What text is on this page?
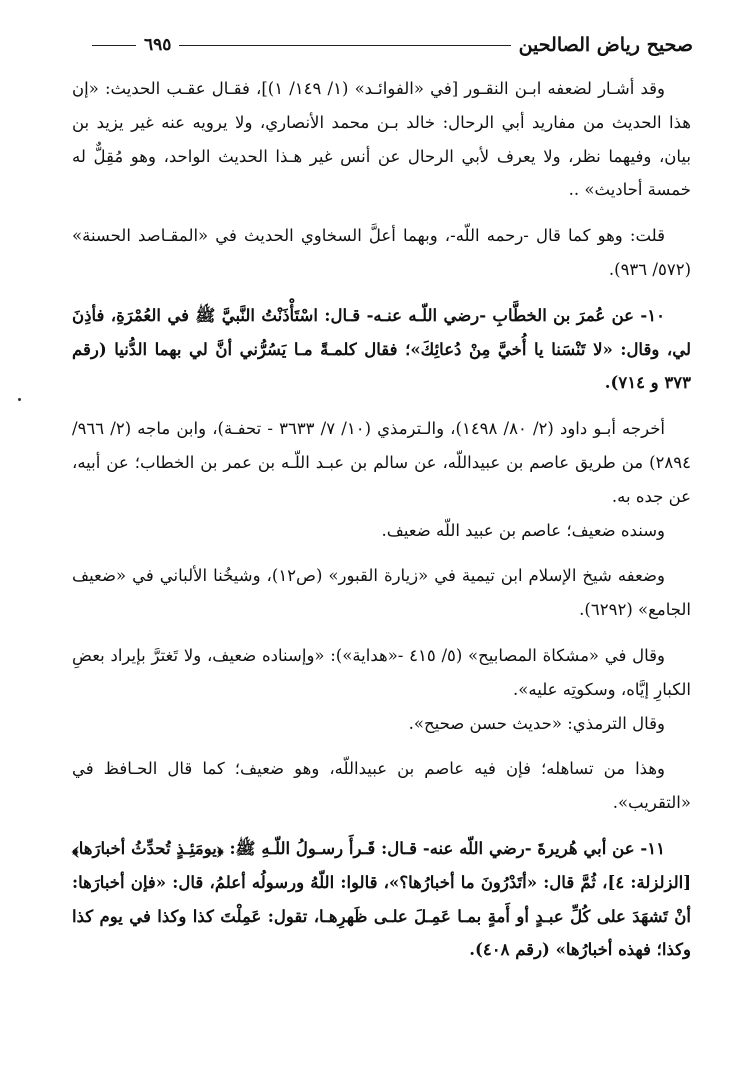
صحيح رياض الصالحين
٦٩٥

وقد أشـار لضعفه ابـن النقـور [في «الفوائـد» (١/ ١٤٩/ ١)]، فقـال عقـب الحديث: «إن هذا الحديث من مفاريد أبي الرحال: خالد بـن محمد الأنصاري، ولا يرويه عنه غير يزيد بن بيان، وفيهما نظر، ولا يعرف لأبي الرحال عن أنس غير هـذا الحديث الواحد، وهو مُقِلٌّ له خمسة أحاديث» ..

قلت: وهو كما قال -رحمه اللّه-، وبهما أعلَّ السخاوي الحديث في «المقـاصد الحسنة» (٥٧٢/ ٩٣٦).

١٠- عن عُمرَ بن الخطَّابِ -رضي اللّـه عنـه- قـال: اسْتَأْذَنْتُ النَّبيَّ ﷺ في العُمْرَةِ، فأذِنَ لي، وقال: «لا تَنْسَنا يا أُخيَّ مِنْ دُعائِكَ»؛ فقال كلمـةً مـا يَسُرُّني أنَّ لي بهما الدُّنيا (رقم ٣٧٣ و ٧١٤).

أخرجه أبـو داود (٢/ ٨٠/ ١٤٩٨)، والـترمذي (١٠/ ٧/ ٣٦٣٣ - تحفـة)، وابن ماجه (٢/ ٩٦٦/ ٢٨٩٤) من طريق عاصم بن عبيداللّه، عن سالم بن عبـد اللّـه بن عمر بن الخطاب؛ عن أبيه، عن جده به.

وسنده ضعيف؛ عاصم بن عبيد اللّه ضعيف.

وضعفه شيخ الإسلام ابن تيمية في «زيارة القبور» (ص١٢)، وشيخُنا الألباني في «ضعيف الجامع» (٦٢٩٢).

وقال في «مشكاة المصابيح» (٥/ ٤١٥ -«هداية»): «وإسناده ضعيف، ولا تَغترَّ بإيراد بعضِ الكبارِ إيَّاه، وسكوتِه عليه».

وقال الترمذي: «حديث حسن صحيح».

وهذا من تساهله؛ فإن فيه عاصم بن عبيداللّه، وهو ضعيف؛ كما قال الحـافظ في «التقريب».

١١- عن أبي هُريرةَ -رضي اللّه عنه- قـال: قَـرأَ رسـولُ اللّـهِ ﷺ: ﴿يومَئِـذٍ تُحدِّثُ أخبارَها﴾ [الزلزلة: ٤]، ثُمَّ قال: «أتَدْرُونَ ما أخبارُها؟»، قالوا: اللّهُ ورسولُه أعلمُ، قال: «فإن أخبارَها: أنْ تَشهَدَ على كُلِّ عبـدٍ أو أَمةٍ بمـا عَمِـلَ علـى ظَهرِهـا، تقول: عَمِلْتَ كذا وكذا في يوم كذا وكذا؛ فهذه أخبارُها» (رقم ٤٠٨).
